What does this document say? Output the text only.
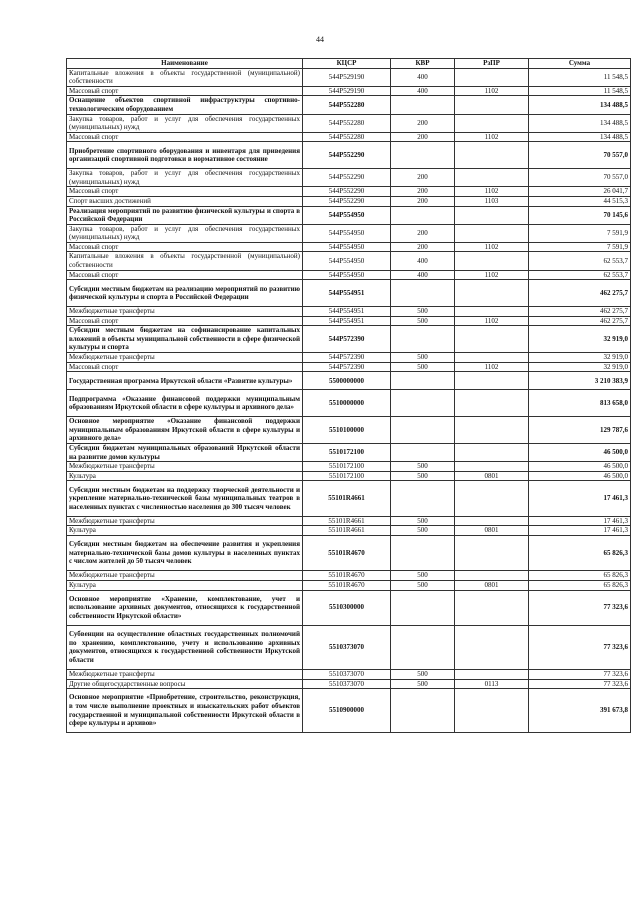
44
Наименование	КЦСР	КВР	РзПР	Сумма
Капитальные вложения в объекты государственной (муниципальной) собственности	544P529190	400		11 548,5
Массовый спорт	544P529190	400	1102	11 548,5
Оснащение объектов спортивной инфраструктуры спортивно-технологическим оборудованием	544P552280			134 488,5
Закупка товаров, работ и услуг для обеспечения государственных (муниципальных) нужд	544P552280	200		134 488,5
Массовый спорт	544P552280	200	1102	134 488,5
Приобретение спортивного оборудования и инвентаря для приведения организаций спортивной подготовки в нормативное состояние	544P552290			70 557,0
Закупка товаров, работ и услуг для обеспечения государственных (муниципальных) нужд	544P552290	200		70 557,0
Массовый спорт	544P552290	200	1102	26 041,7
Спорт высших достижений	544P552290	200	1103	44 515,3
Реализация мероприятий по развитию физической культуры и спорта в Российской Федерации	544P554950			70 145,6
Закупка товаров, работ и услуг для обеспечения государственных (муниципальных) нужд	544P554950	200		7 591,9
Массовый спорт	544P554950	200	1102	7 591,9
Капитальные вложения в объекты государственной (муниципальной) собственности	544P554950	400		62 553,7
Массовый спорт	544P554950	400	1102	62 553,7
Субсидии местным бюджетам на реализацию мероприятий по развитию физической культуры и спорта в Российской Федерации	544P554951			462 275,7
Межбюджетные трансферты	544P554951	500		462 275,7
Массовый спорт	544P554951	500	1102	462 275,7
Субсидии местным бюджетам на софинансирование капитальных вложений в объекты муниципальной собственности в сфере физической культуры и спорта	544P572390			32 919,0
Межбюджетные трансферты	544P572390	500		32 919,0
Массовый спорт	544P572390	500	1102	32 919,0
Государственная программа Иркутской области «Развитие культуры»	5500000000			3 210 383,9
Подпрограмма «Оказание финансовой поддержки муниципальным образованиям Иркутской области в сфере культуры и архивного дела»	5510000000			813 658,0
Основное мероприятие «Оказание финансовой поддержки муниципальным образованиям Иркутской области в сфере культуры и архивного дела»	5510100000			129 787,6
Субсидии бюджетам муниципальных образований Иркутской области на развитие домов культуры	5510172100			46 500,0
Межбюджетные трансферты	5510172100	500		46 500,0
Культура	5510172100	500	0801	46 500,0
Субсидии местным бюджетам на поддержку творческой деятельности и укрепление материально-технической базы муниципальных театров в населенных пунктах с численностью населения до 300 тысяч человек	55101R4661			17 461,3
Межбюджетные трансферты	55101R4661	500		17 461,3
Культура	55101R4661	500	0801	17 461,3
Субсидии местным бюджетам на обеспечение развития и укрепления материально-технической базы домов культуры в населенных пунктах с числом жителей до 50 тысяч человек	55101R4670			65 826,3
Межбюджетные трансферты	55101R4670	500		65 826,3
Культура	55101R4670	500	0801	65 826,3
Основное мероприятие «Хранение, комплектование, учет и использование архивных документов, относящихся к государственной собственности Иркутской области»	5510300000			77 323,6
Субвенции на осуществление областных государственных полномочий по хранению, комплектованию, учету и использованию архивных документов, относящихся к государственной собственности Иркутской области	5510373070			77 323,6
Межбюджетные трансферты	5510373070	500		77 323,6
Другие общегосударственные вопросы	5510373070	500	0113	77 323,6
Основное мероприятие «Приобретение, строительство, реконструкция, в том числе выполнение проектных и изыскательских работ объектов государственной и муниципальной собственности Иркутской области в сфере культуры и архивов»	5510900000			391 673,8
